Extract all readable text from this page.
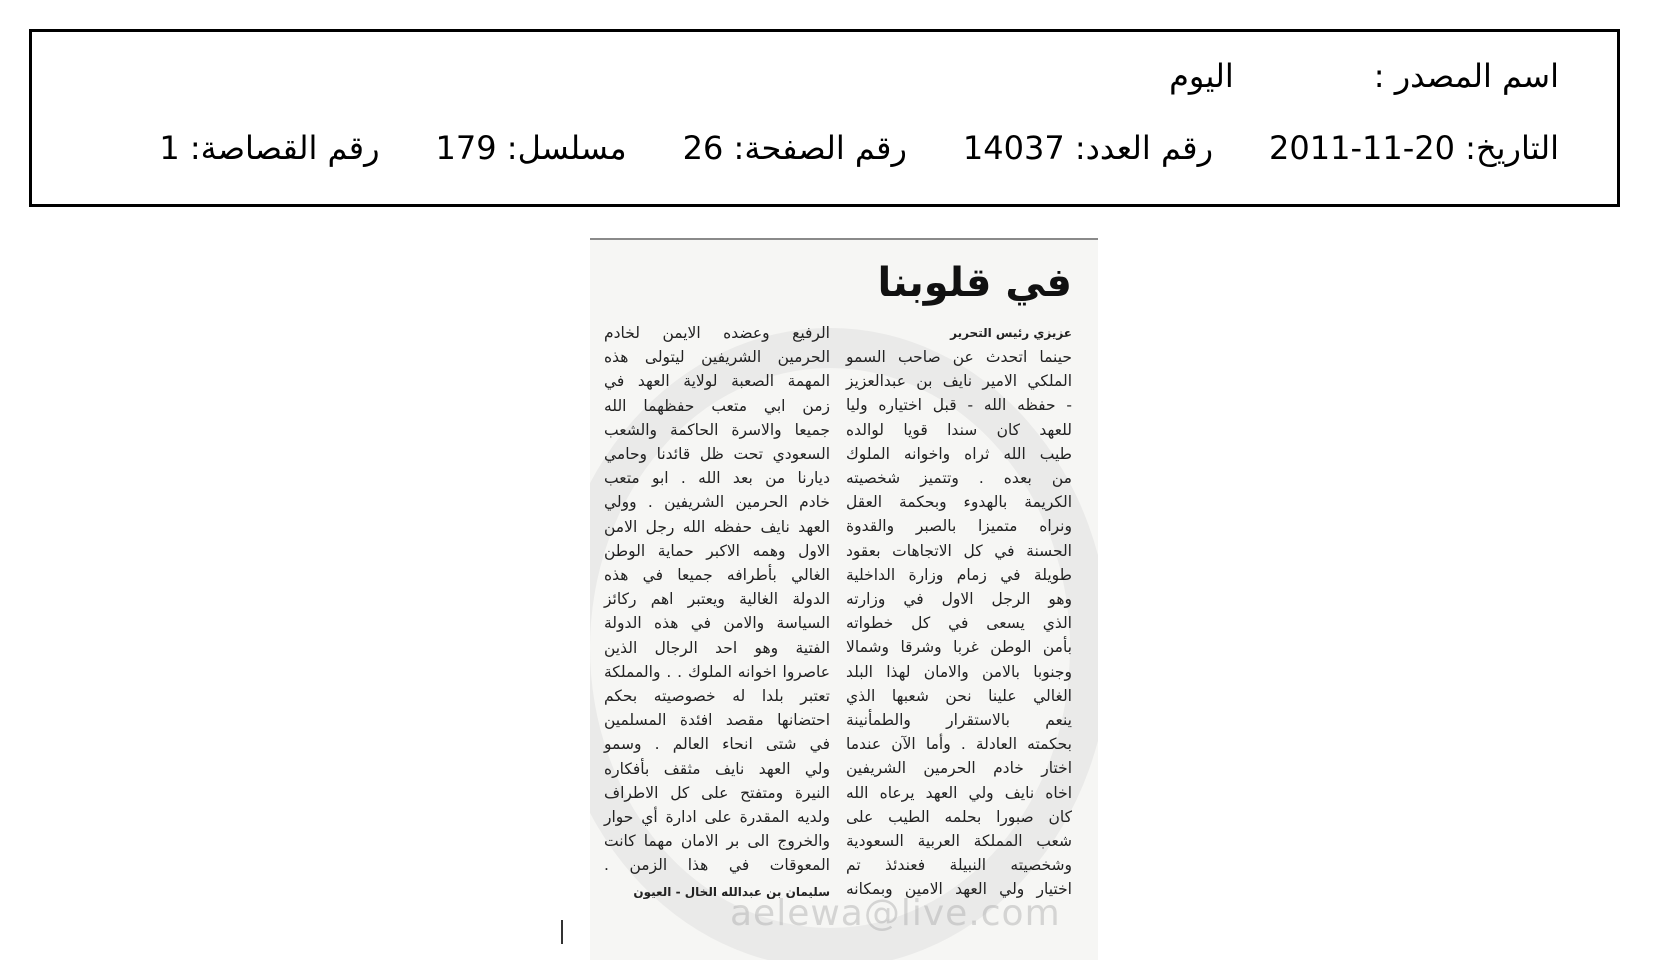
اسم المصدر :اليوم
التاريخ: 20-11-2011رقم العدد: 14037رقم الصفحة: 26مسلسل: 179رقم القصاصة: 1
aelewa@live.com
في قلوبنا
عزيزي رئيس التحرير
حينما اتحدث عن صاحب السمو
الملكي الامير نايف بن عبدالعزيز
- حفظه الله - قبل اختياره وليا
للعهد كان سندا قويا لوالده
طيب الله ثراه واخوانه الملوك
من بعده . وتتميز شخصيته
الكريمة بالهدوء وبحكمة العقل
ونراه متميزا بالصبر والقدوة
الحسنة في كل الاتجاهات بعقود
طويلة في زمام وزارة الداخلية
وهو الرجل الاول في وزارته
الذي يسعى في كل خطواته
بأمن الوطن غربا وشرقا وشمالا
وجنوبا بالامن والامان لهذا البلد
الغالي علينا نحن شعبها الذي
ينعم بالاستقرار والطمأنينة
بحكمته العادلة . وأما الآن عندما
اختار خادم الحرمين الشريفين
اخاه نايف ولي العهد يرعاه الله
كان صبورا بحلمه الطيب على
شعب المملكة العربية السعودية
وشخصيته النبيلة فعندئذ تم
اختيار ولي العهد الامين وبمكانه
الرفيع وعضده الايمن لخادم
الحرمين الشريفين ليتولى هذه
المهمة الصعبة لولاية العهد في
زمن ابي متعب حفظهما الله
جميعا والاسرة الحاكمة والشعب
السعودي تحت ظل قائدنا وحامي
ديارنا من بعد الله . ابو متعب
خادم الحرمين الشريفين . وولي
العهد نايف حفظه الله رجل الامن
الاول وهمه الاكبر حماية الوطن
الغالي بأطرافه جميعا في هذه
الدولة الغالية ويعتبر اهم ركائز
السياسة والامن في هذه الدولة
الفتية وهو احد الرجال الذين
عاصروا اخوانه الملوك . . والمملكة
تعتبر بلدا له خصوصيته بحكم
احتضانها مقصد افئدة المسلمين
في شتى انحاء العالم . وسمو
ولي العهد نايف مثقف بأفكاره
النيرة ومتفتح على كل الاطراف
ولديه المقدرة على ادارة أي حوار
والخروج الى بر الامان مهما كانت
المعوقات في هذا الزمن .
سليمان بن عبدالله الخال - العيون
